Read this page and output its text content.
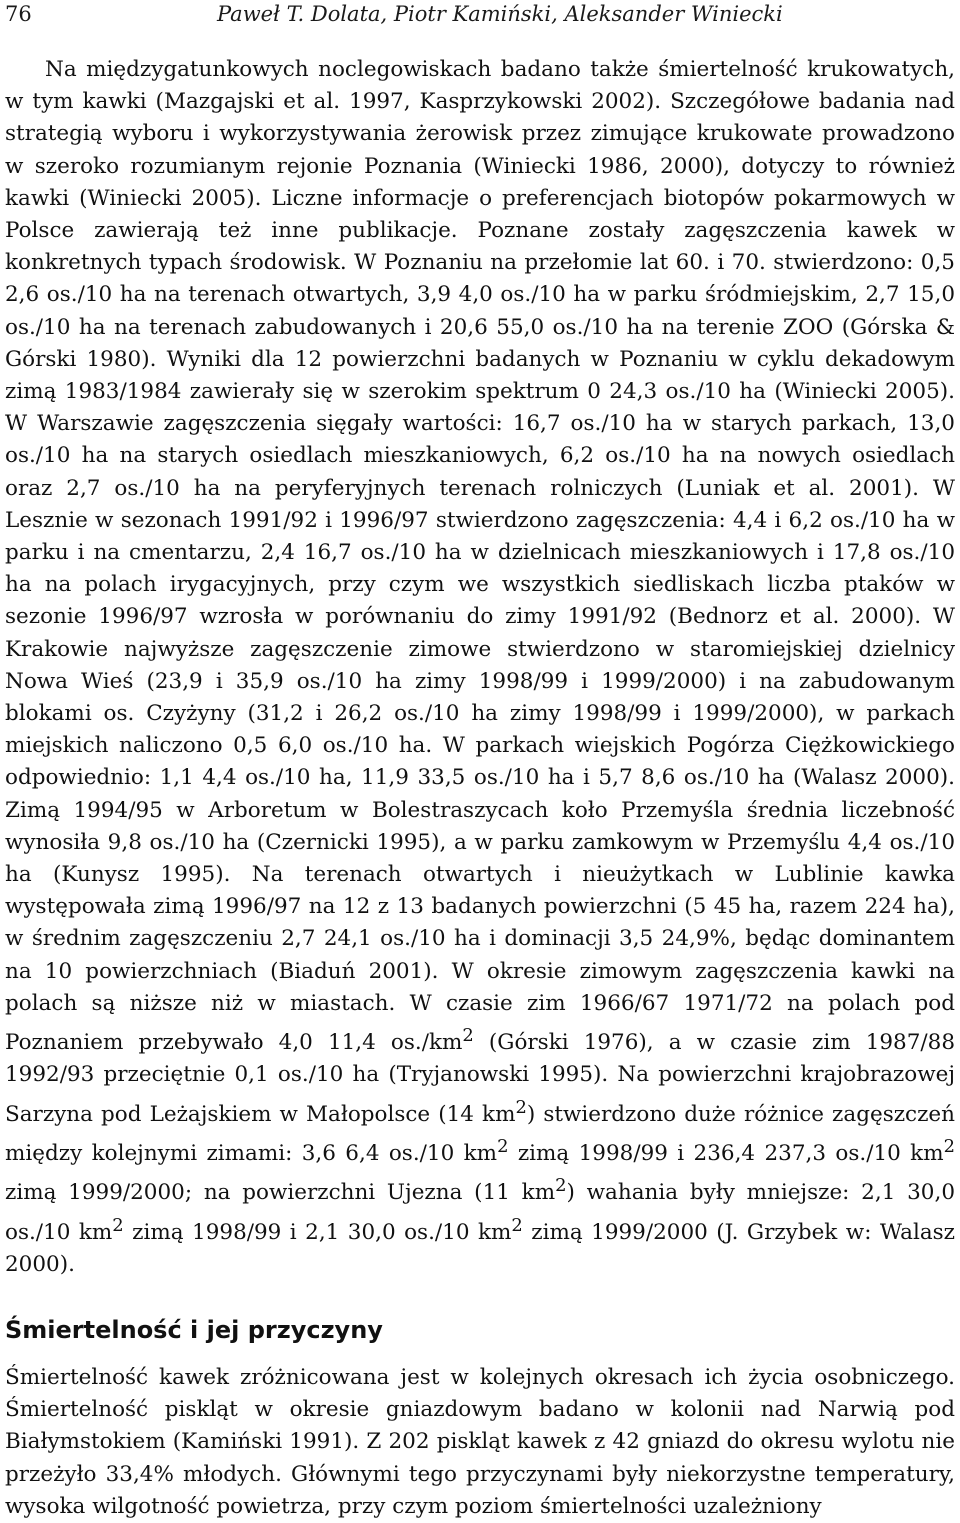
76	Paweł T. Dolata, Piotr Kamiński, Aleksander Winiecki
Na międzygatunkowych noclegowiskach badano także śmiertelność krukowatych, w tym kawki (Mazgajski et al. 1997, Kasprzykowski 2002). Szczegółowe badania nad strategią wyboru i wykorzystywania żerowisk przez zimujące krukowate prowadzono w szeroko rozumianym rejonie Poznania (Winiecki 1986, 2000), dotyczy to również kawki (Winiecki 2005). Liczne informacje o preferencjach biotopów pokarmowych w Polsce zawierają też inne publikacje. Poznane zostały zagęszczenia kawek w konkretnych typach środowisk. W Poznaniu na przełomie lat 60. i 70. stwierdzono: 0,5 2,6 os./10 ha na terenach otwartych, 3,9 4,0 os./10 ha w parku śródmiejskim, 2,7 15,0 os./10 ha na terenach zabudowanych i 20,6 55,0 os./10 ha na terenie ZOO (Górska & Górski 1980). Wyniki dla 12 powierzchni badanych w Poznaniu w cyklu dekadowym zimą 1983/1984 zawierały się w szerokim spektrum 0 24,3 os./10 ha (Winiecki 2005). W Warszawie zagęszczenia sięgały wartości: 16,7 os./10 ha w starych parkach, 13,0 os./10 ha na starych osiedlach mieszkaniowych, 6,2 os./10 ha na nowych osiedlach oraz 2,7 os./10 ha na peryferyjnych terenach rolniczych (Luniak et al. 2001). W Lesznie w sezonach 1991/92 i 1996/97 stwierdzono zagęszczenia: 4,4 i 6,2 os./10 ha w parku i na cmentarzu, 2,4 16,7 os./10 ha w dzielnicach mieszkaniowych i 17,8 os./10 ha na polach irygacyjnych, przy czym we wszystkich siedliskach liczba ptaków w sezonie 1996/97 wzrosła w porównaniu do zimy 1991/92 (Bednorz et al. 2000). W Krakowie najwyższe zagęszczenie zimowe stwierdzono w staromiejskiej dzielnicy Nowa Wieś (23,9 i 35,9 os./10 ha zimy 1998/99 i 1999/2000) i na zabudowanym blokami os. Czyżyny (31,2 i 26,2 os./10 ha zimy 1998/99 i 1999/2000), w parkach miejskich naliczono 0,5 6,0 os./10 ha. W parkach wiejskich Pogórza Ciężkowickiego odpowiednio: 1,1 4,4 os./10 ha, 11,9 33,5 os./10 ha i 5,7 8,6 os./10 ha (Walasz 2000). Zimą 1994/95 w Arboretum w Bolestraszycach koło Przemyśla średnia liczebność wynosiła 9,8 os./10 ha (Czernicki 1995), a w parku zamkowym w Przemyślu 4,4 os./10 ha (Kunysz 1995). Na terenach otwartych i nieużytkach w Lublinie kawka występowała zimą 1996/97 na 12 z 13 badanych powierzchni (5 45 ha, razem 224 ha), w średnim zagęszczeniu 2,7 24,1 os./10 ha i dominacji 3,5 24,9%, będąc dominantem na 10 powierzchniach (Biaduń 2001). W okresie zimowym zagęszczenia kawki na polach są niższe niż w miastach. W czasie zim 1966/67 1971/72 na polach pod Poznaniem przebywało 4,0 11,4 $os./km^2$ (Górski 1976), a w czasie zim 1987/88 1992/93 przeciętnie 0,1 os./10 ha (Tryjanowski 1995). Na powierzchni krajobrazowej Sarzyna pod Leżajskiem w Małopolsce (14 $km^2$) stwierdzono duże różnice zagęszczeń między kolejnymi zimami: 3,6 6,4 os./10 $km^2$ zimą 1998/99 i 236,4 237,3 os./10 $km^2$ zimą 1999/2000; na powierzchni Ujezna (11 $km^2$) wahania były mniejsze: 2,1 30,0 os./10 $km^2$ zimą 1998/99 i 2,1 30,0 os./10 $km^2$ zimą 1999/2000 (J. Grzybek w: Walasz 2000).
Śmiertelność i jej przyczyny
Śmiertelność kawek zróżnicowana jest w kolejnych okresach ich życia osobniczego. Śmiertelność piskląt w okresie gniazdowym badano w kolonii nad Narwią pod Białymstokiem (Kamiński 1991). Z 202 piskląt kawek z 42 gniazd do okresu wylotu nie przeżyło 33,4% młodych. Głównymi tego przyczynami były niekorzystne temperatury, wysoka wilgotność powietrza, przy czym poziom śmiertelności uzależniony
